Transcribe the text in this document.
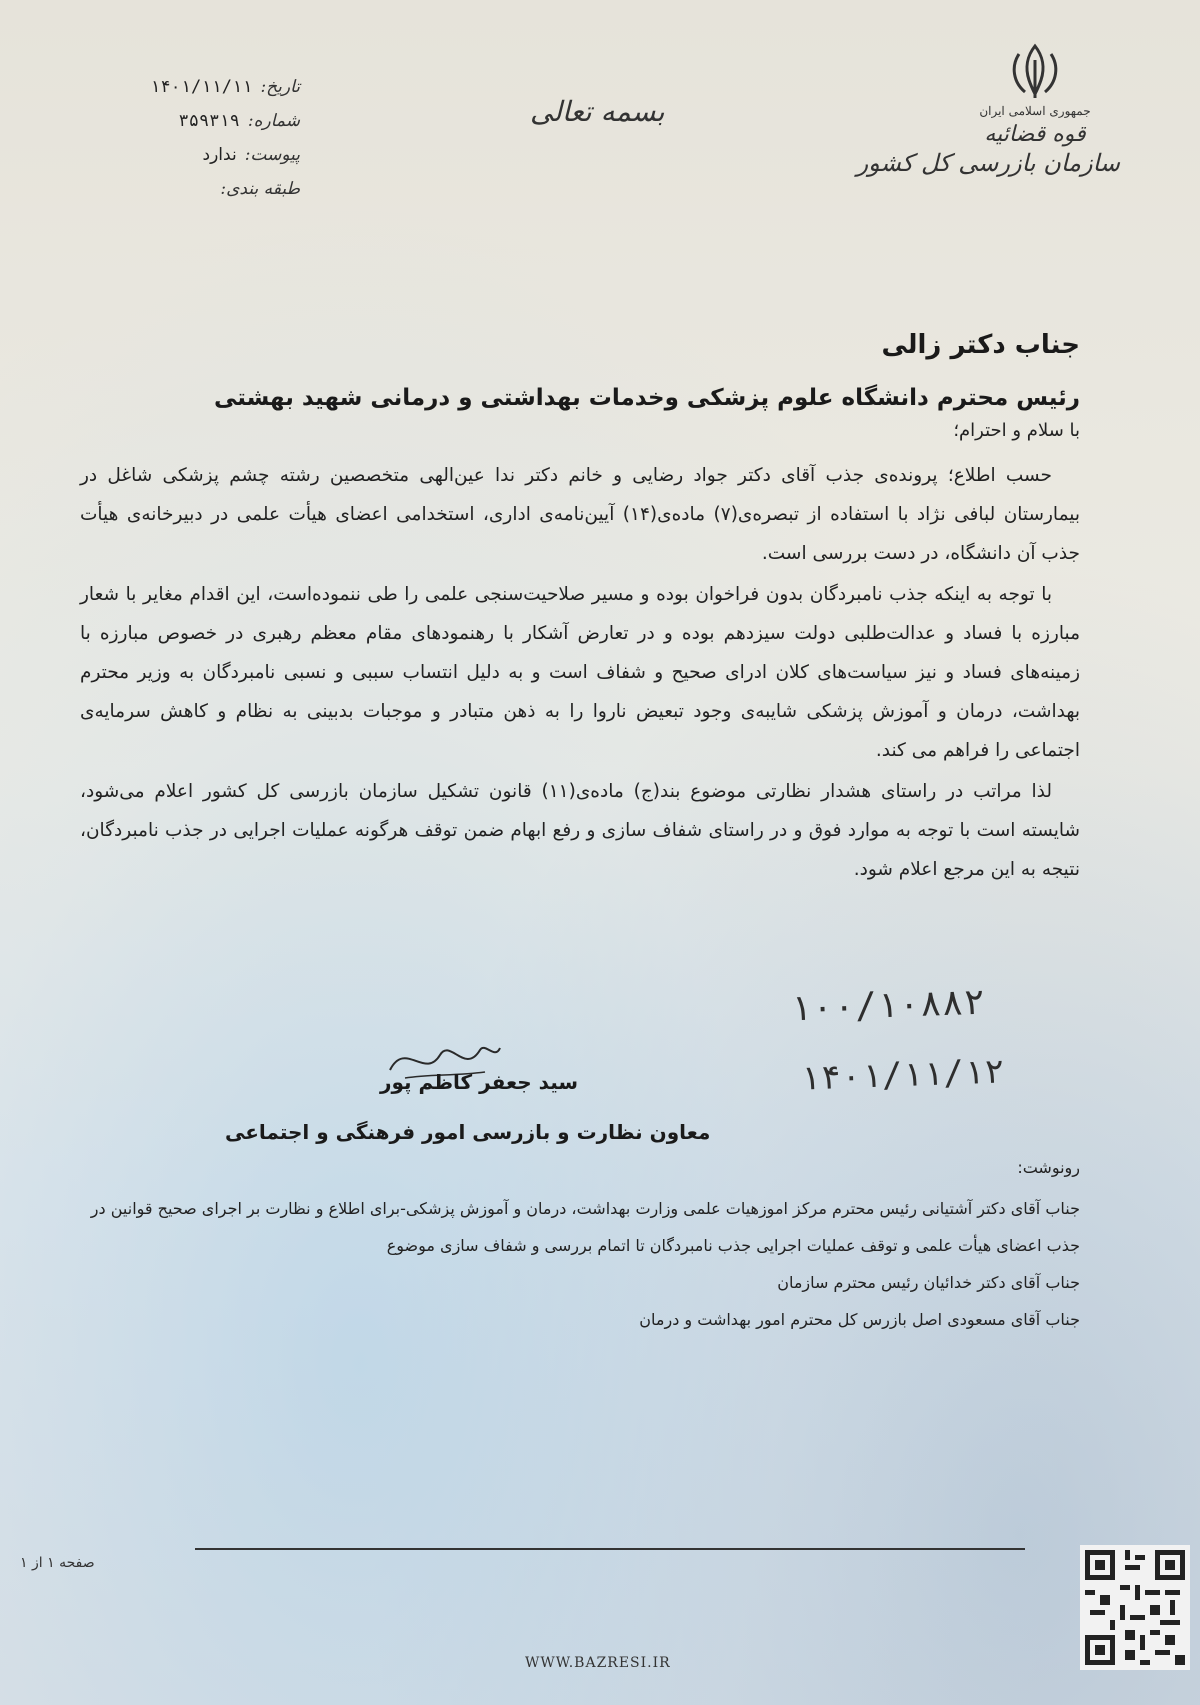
تاریخ:
۱۴۰۱/۱۱/۱۱
شماره:
۳۵۹۳۱۹
پیوست:
ندارد
طبقه بندی:
بسمه تعالی	جمهوری اسلامی ایران
قوه قضائیه
سازمان بازرسی کل کشور
جناب دکتر زالی
رئیس محترم دانشگاه علوم پزشکی وخدمات بهداشتی و درمانی شهید بهشتی
با سلام و احترام؛

حسب اطلاع؛ پرونده‌ی جذب آقای دکتر جواد رضایی و خانم دکتر ندا عین‌الهی متخصصین رشته چشم پزشکی شاغل در بیمارستان لبافی نژاد با استفاده از تبصره‌ی(۷) ماده‌ی(۱۴) آیین‌نامه‌ی اداری، استخدامی اعضای هیأت علمی در دبیرخانه‌ی هیأت جذب آن دانشگاه، در دست بررسی است.

با توجه به اینکه جذب نامبردگان بدون فراخوان بوده و مسیر صلاحیت‌سنجی علمی را طی ننموده‌است، این اقدام مغایر با شعار مبارزه با فساد و عدالت‌طلبی دولت سیزدهم بوده و در تعارض آشکار با رهنمودهای مقام معظم رهبری در خصوص مبارزه با زمینه‌های فساد و نیز سیاست‌های کلان ادرای صحیح و شفاف است و به دلیل انتساب سببی و نسبی نامبردگان به وزیر محترم بهداشت، درمان و آموزش پزشکی شایبه‌ی وجود تبعیض ناروا را به ذهن متبادر و موجبات بدبینی به نظام و کاهش سرمایه‌ی اجتماعی را فراهم می کند.

لذا مراتب در راستای هشدار نظارتی موضوع بند(ج) ماده‌ی(۱۱) قانون تشکیل سازمان بازرسی کل کشور اعلام می‌شود، شایسته است با توجه به موارد فوق و در راستای شفاف سازی و رفع ابهام ضمن توقف هرگونه عملیات اجرایی در جذب نامبردگان، نتیجه به این مرجع اعلام شود.

۱۰۰/۱۰۸۸۲
۱۴۰۱/۱۱/۱۲
سید جعفر کاظم پور
معاون نظارت و بازرسی امور فرهنگی و اجتماعی
رونوشت:

جناب آقای دکتر آشتیانی رئیس محترم مرکز اموزهیات علمی وزارت بهداشت، درمان و آموزش پزشکی-برای اطلاع و نظارت بر اجرای صحیح قوانین در جذب اعضای هیأت علمی و توقف عملیات اجرایی جذب نامبردگان تا اتمام بررسی و شفاف سازی موضوع

جناب آقای دکتر خدائیان رئیس محترم سازمان

جناب آقای مسعودی اصل بازرس کل محترم امور بهداشت و درمان

صفحه ۱ از ۱
WWW.BAZRESI.IR
